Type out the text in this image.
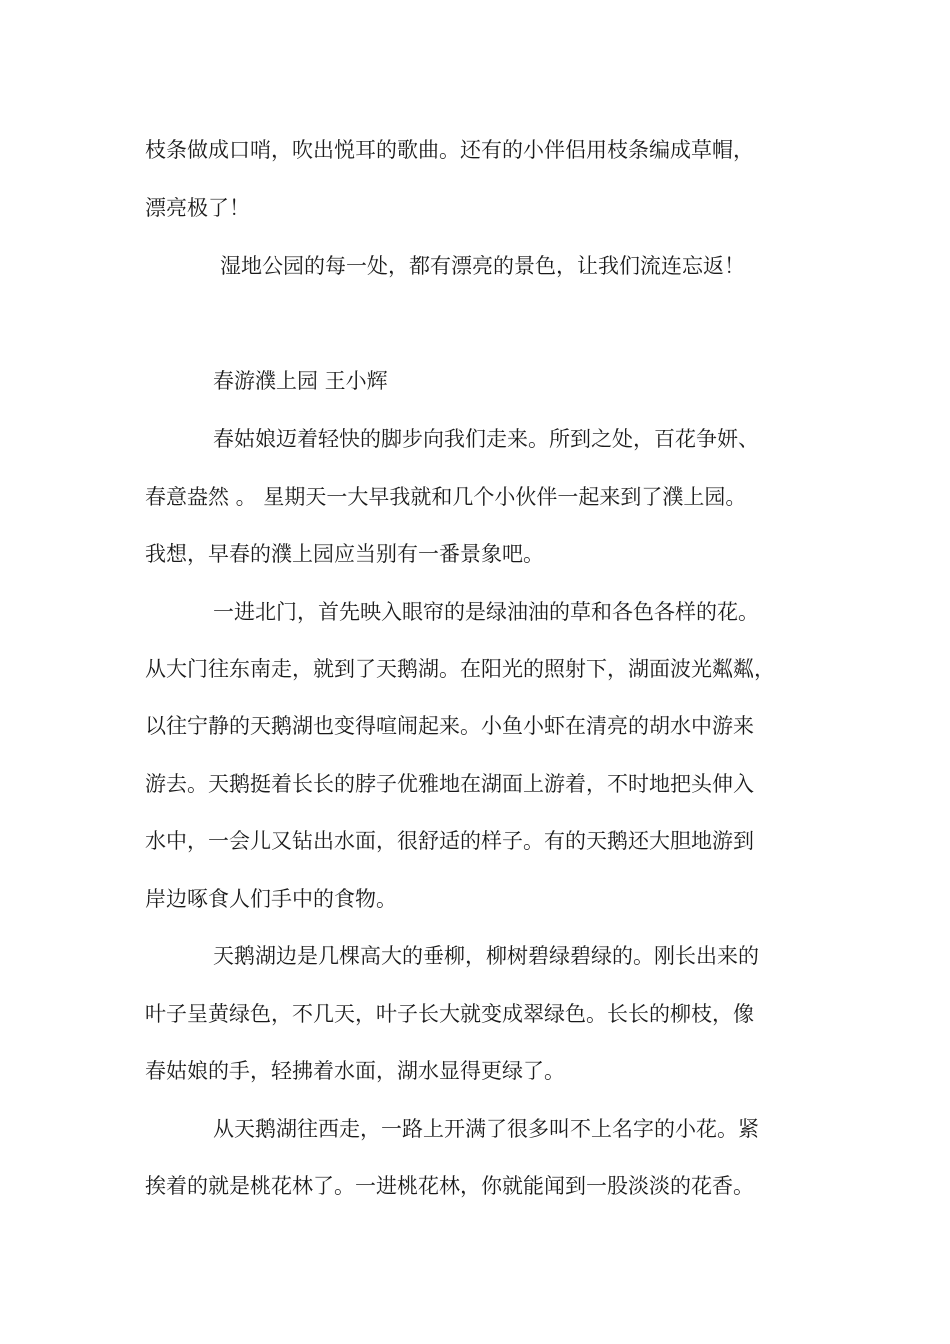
枝条做成口哨，吹出悦耳的歌曲。还有的小伴侣用枝条编成草帽，

漂亮极了！

湿地公园的每一处，都有漂亮的景色，让我们流连忘返！

春游濮上园 王小辉

春姑娘迈着轻快的脚步向我们走来。所到之处，百花争妍、

春意盎然 。 星期天一大早我就和几个小伙伴一起来到了濮上园。

我想，早春的濮上园应当别有一番景象吧。

一进北门，首先映入眼帘的是绿油油的草和各色各样的花。

从大门往东南走，就到了天鹅湖。在阳光的照射下，湖面波光粼粼，

以往宁静的天鹅湖也变得喧闹起来。小鱼小虾在清亮的胡水中游来

游去。天鹅挺着长长的脖子优雅地在湖面上游着，不时地把头伸入

水中，一会儿又钻出水面，很舒适的样子。有的天鹅还大胆地游到

岸边啄食人们手中的食物。

天鹅湖边是几棵高大的垂柳，柳树碧绿碧绿的。刚长出来的

叶子呈黄绿色，不几天，叶子长大就变成翠绿色。长长的柳枝，像

春姑娘的手，轻拂着水面，湖水显得更绿了。

从天鹅湖往西走，一路上开满了很多叫不上名字的小花。紧

挨着的就是桃花林了。一进桃花林，你就能闻到一股淡淡的花香。
